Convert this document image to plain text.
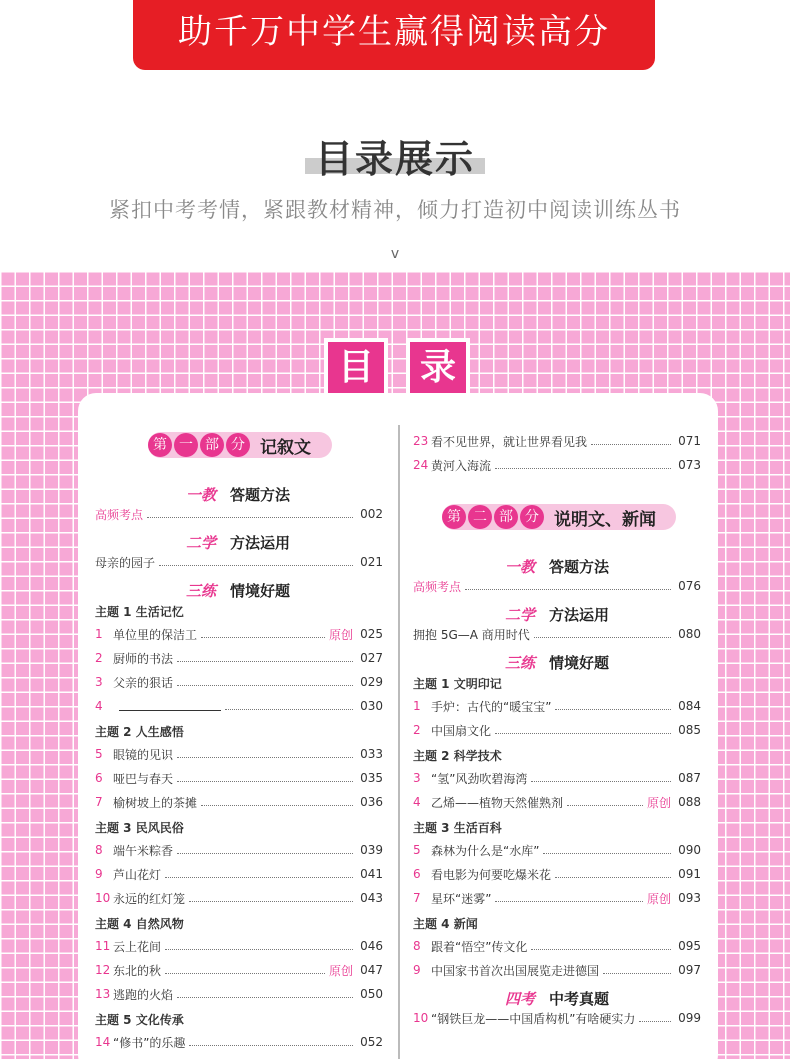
助千万中学生赢得阅读高分
目录展示
紧扣中考考情，紧跟教材精神，倾力打造初中阅读训练丛书
v
目 录
第 一 部 分 记叙文
一教 答题方法
高频考点	002
二学 方法运用
母亲的园子	021
三练 情境好题
主题 1 生活记忆
1 单位里的保洁工	原创 025
2 厨师的书法	027
3 父亲的狠话	029
4	030
主题 2 人生感悟
5 眼镜的见识	033
6 哑巴与春天	035
7 榆树坡上的茶摊	036
主题 3 民风民俗
8 端午米粽香	039
9 芦山花灯	041
10 永远的红灯笼	043
主题 4 自然风物
11 云上花间	046
12 东北的秋	原创 047
13 逃跑的火焰	050
主题 5 文化传承
14 “修书”的乐趣	052
23 看不见世界，就让世界看见我	071
24 黄河入海流	073
第 二 部 分 说明文、新闻
一教 答题方法
高频考点	076
二学 方法运用
拥抱 5G—A 商用时代	080
三练 情境好题
主题 1 文明印记
1 手炉：古代的“暖宝宝”	084
2 中国扇文化	085
主题 2 科学技术
3 “氢”风劲吹碧海湾	087
4 乙烯——植物天然催熟剂	原创 088
主题 3 生活百科
5 森林为什么是“水库”	090
6 看电影为何要吃爆米花	091
7 星环“迷雾”	原创 093
主题 4 新闻
8 跟着“悟空”传文化	095
9 中国家书首次出国展览走进德国	097
四考 中考真题
10 “钢铁巨龙——中国盾构机”有啥硬实力	099
